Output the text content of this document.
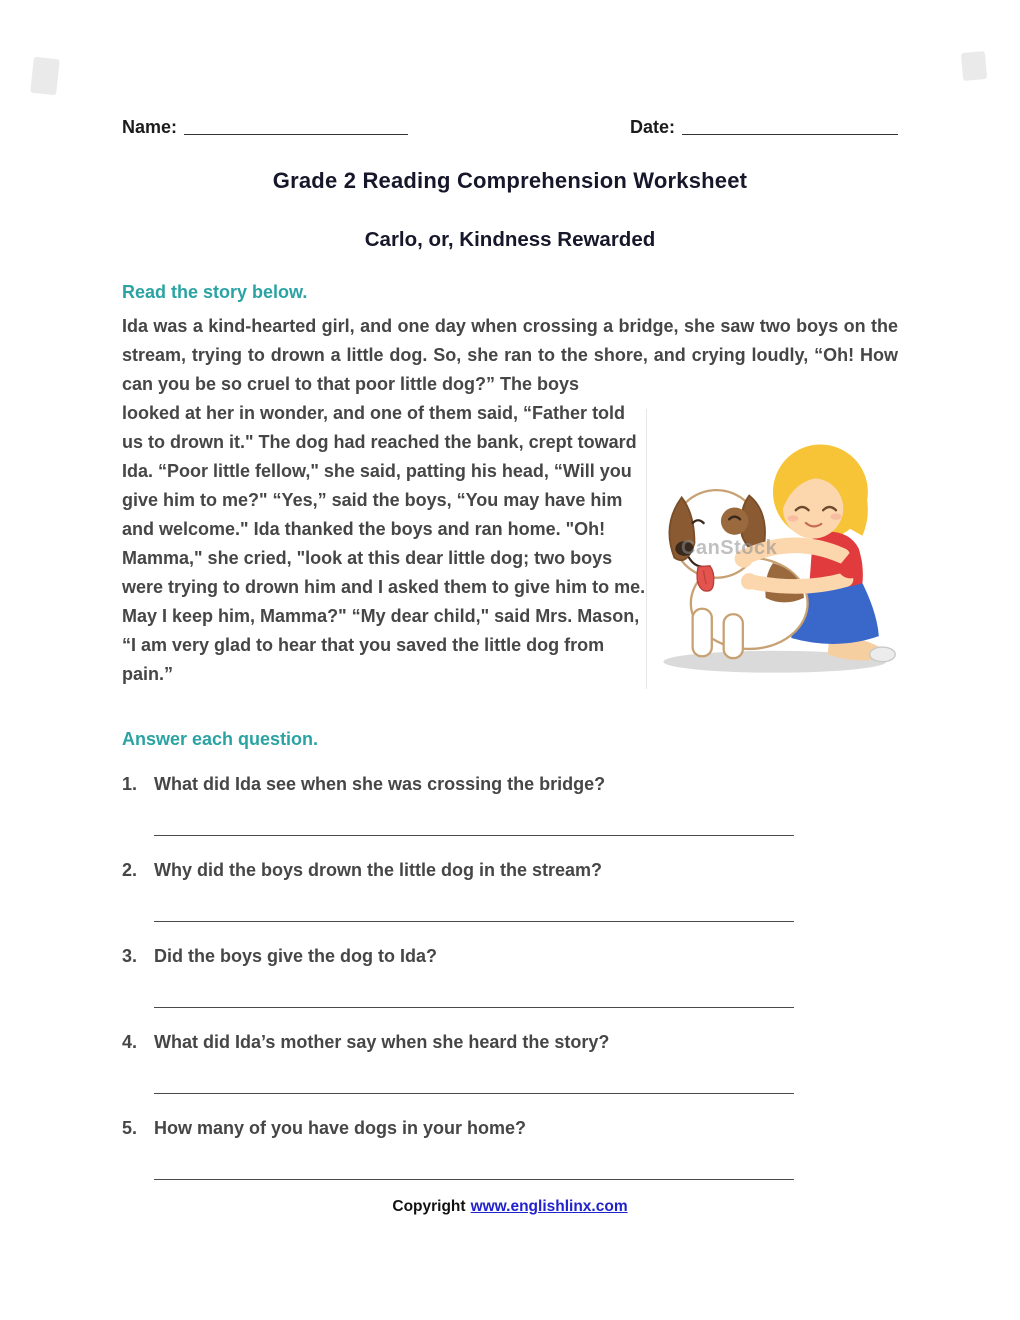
Name:	Date:
Grade 2 Reading Comprehension Worksheet
Carlo, or, Kindness Rewarded
Read the story below.

Ida was a kind-hearted girl, and one day when crossing a bridge, she saw two boys on the stream, trying to drown a little dog. So, she ran to the shore, and crying loudly, “Oh! How can you be so cruel to that poor little dog?” The boys

looked at her in wonder, and one of them said, “Father told us to drown it." The dog had reached the bank, crept toward Ida. “Poor little fellow," she said, patting his head, “Will you give him to me?" “Yes,” said the boys, “You may have him and welcome." Ida thanked the boys and ran home. "Oh! Mamma," she cried, "look at this dear little dog; two boys were trying to drown him and I asked them to give him to me. May I keep him, Mamma?" “My dear child," said Mrs. Mason, “I am very glad to hear that you saved the little dog from pain.”

CanStock
Answer each question.
1. What did Ida see when she was crossing the bridge?
2. Why did the boys drown the little dog in the stream?
3. Did the boys give the dog to Ida?
4. What did Ida’s mother say when she heard the story?
5. How many of you have dogs in your home?
Copyright www.englishlinx.com
